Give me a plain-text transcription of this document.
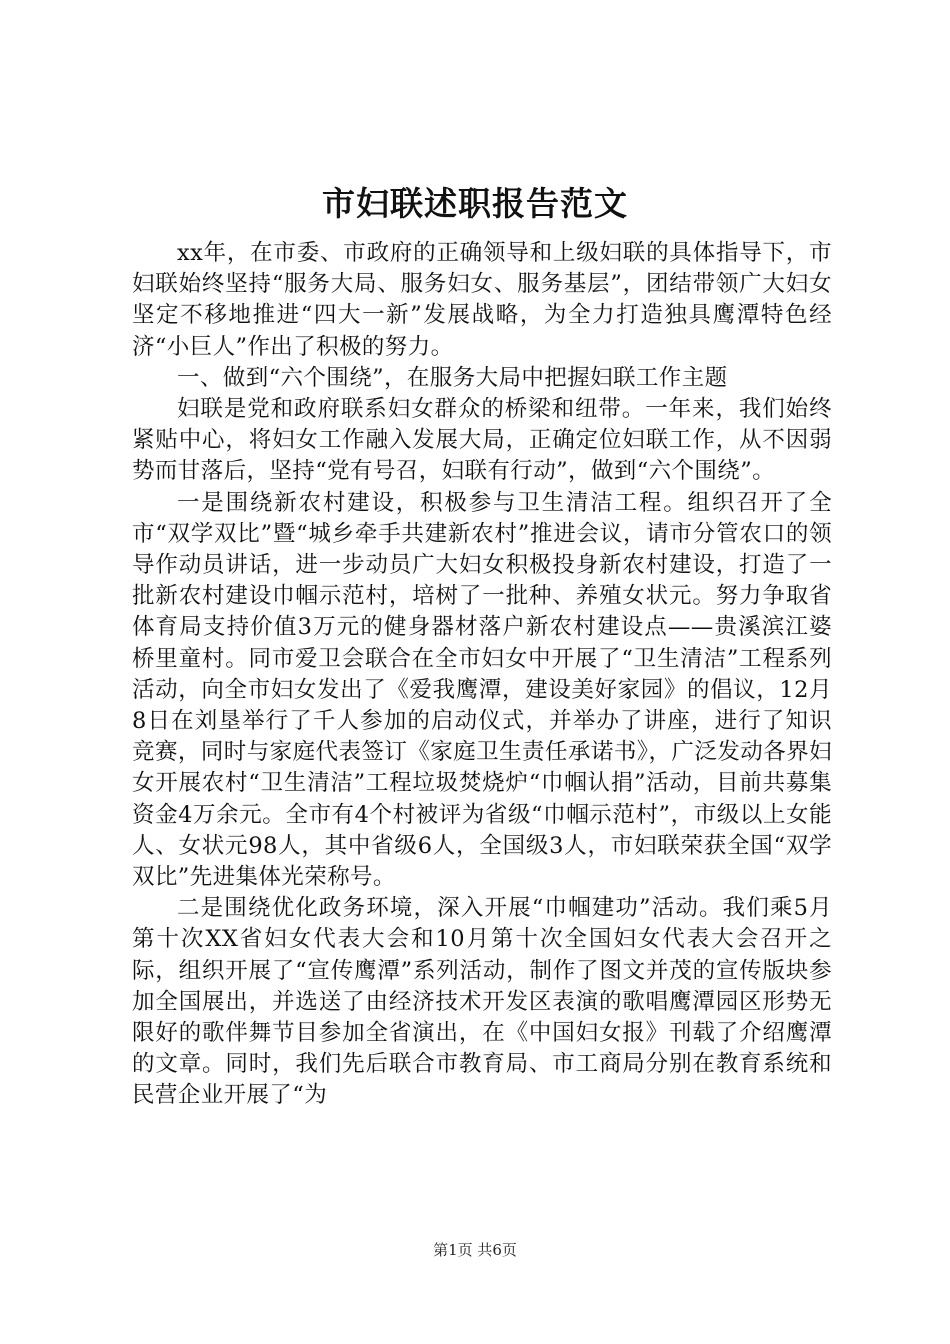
市妇联述职报告范文

xx年，在市委、市政府的正确领导和上级妇联的具体指导下，市妇联始终坚持“服务大局、服务妇女、服务基层”，团结带领广大妇女坚定不移地推进“四大一新”发展战略，为全力打造独具鹰潭特色经济“小巨人”作出了积极的努力。

一、做到“六个围绕”，在服务大局中把握妇联工作主题

妇联是党和政府联系妇女群众的桥梁和纽带。一年来，我们始终紧贴中心，将妇女工作融入发展大局，正确定位妇联工作，从不因弱势而甘落后，坚持“党有号召，妇联有行动”，做到“六个围绕”。

一是围绕新农村建设，积极参与卫生清洁工程。组织召开了全市“双学双比”暨“城乡牵手共建新农村”推进会议，请市分管农口的领导作动员讲话，进一步动员广大妇女积极投身新农村建设，打造了一批新农村建设巾帼示范村，培树了一批种、养殖女状元。努力争取省体育局支持价值3万元的健身器材落户新农村建设点——贵溪滨江婆桥里童村。同市爱卫会联合在全市妇女中开展了“卫生清洁”工程系列活动，向全市妇女发出了《爱我鹰潭，建设美好家园》的倡议，12月8日在刘垦举行了千人参加的启动仪式，并举办了讲座，进行了知识竞赛，同时与家庭代表签订《家庭卫生责任承诺书》，广泛发动各界妇女开展农村“卫生清洁”工程垃圾焚烧炉“巾帼认捐”活动，目前共募集资金4万余元。全市有4个村被评为省级“巾帼示范村”，市级以上女能人、女状元98人，其中省级6人，全国级3人，市妇联荣获全国“双学双比”先进集体光荣称号。

二是围绕优化政务环境，深入开展“巾帼建功”活动。我们乘5月第十次XX省妇女代表大会和10月第十次全国妇女代表大会召开之际，组织开展了“宣传鹰潭”系列活动，制作了图文并茂的宣传版块参加全国展出，并选送了由经济技术开发区表演的歌唱鹰潭园区形势无限好的歌伴舞节目参加全省演出，在《中国妇女报》刊载了介绍鹰潭的文章。同时，我们先后联合市教育局、市工商局分别在教育系统和民营企业开展了“为

第1页 共6页
